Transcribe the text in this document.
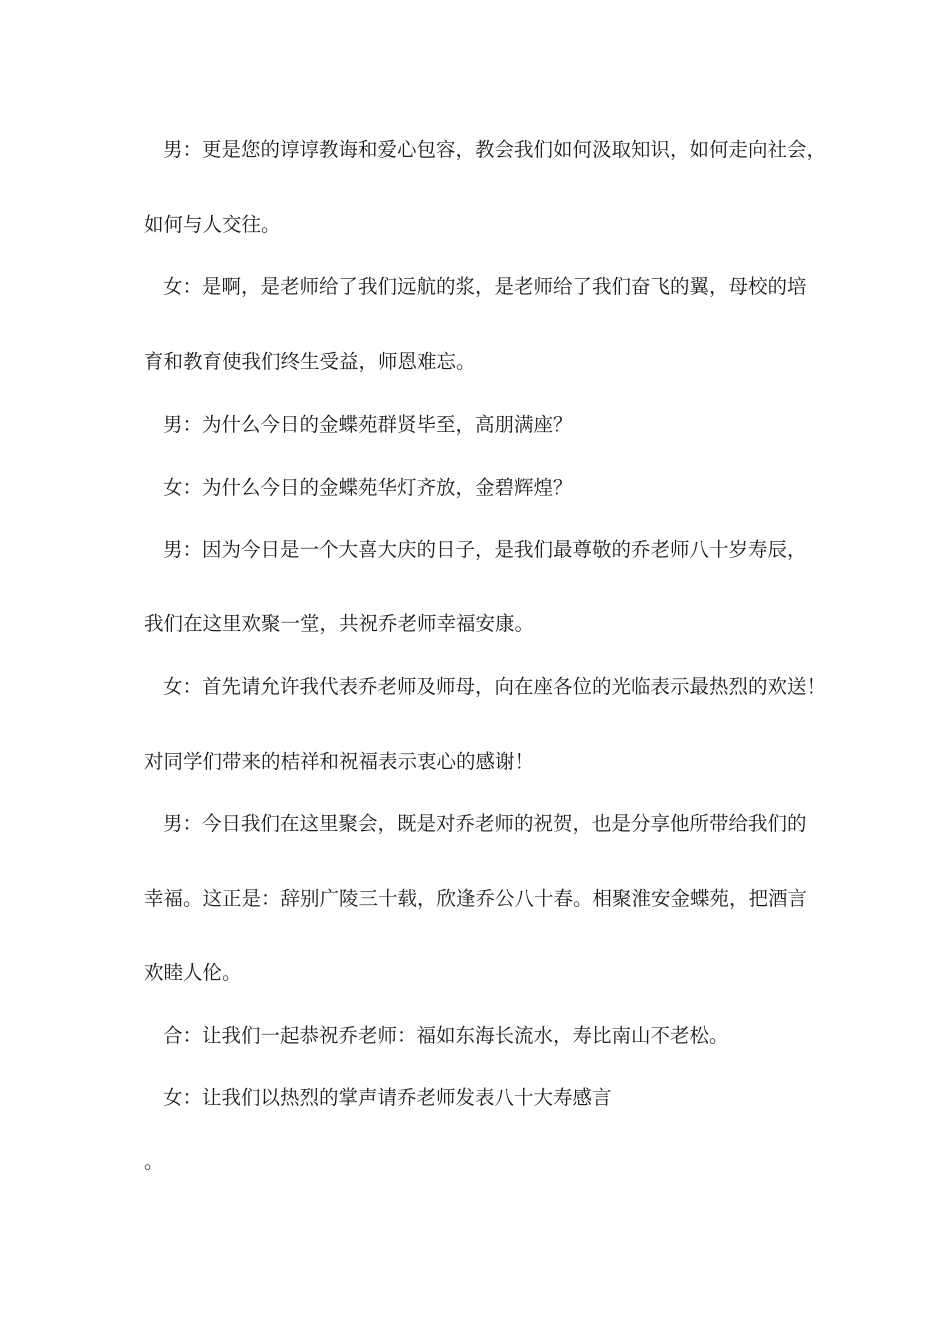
男：更是您的谆谆教诲和爱心包容，教会我们如何汲取知识，如何走向社会，
如何与人交往。
女：是啊，是老师给了我们远航的浆，是老师给了我们奋飞的翼，母校的培
育和教育使我们终生受益，师恩难忘。
男：为什么今日的金蝶苑群贤毕至，高朋满座？
女：为什么今日的金蝶苑华灯齐放，金碧辉煌？
男：因为今日是一个大喜大庆的日子，是我们最尊敬的乔老师八十岁寿辰，
我们在这里欢聚一堂，共祝乔老师幸福安康。
女：首先请允许我代表乔老师及师母，向在座各位的光临表示最热烈的欢送！
对同学们带来的桔祥和祝福表示衷心的感谢！
男：今日我们在这里聚会，既是对乔老师的祝贺，也是分享他所带给我们的
幸福。这正是：辞别广陵三十载，欣逢乔公八十春。相聚淮安金蝶苑，把酒言
欢睦人伦。
合：让我们一起恭祝乔老师：福如东海长流水，寿比南山不老松。
女：让我们以热烈的掌声请乔老师发表八十大寿感言
。
